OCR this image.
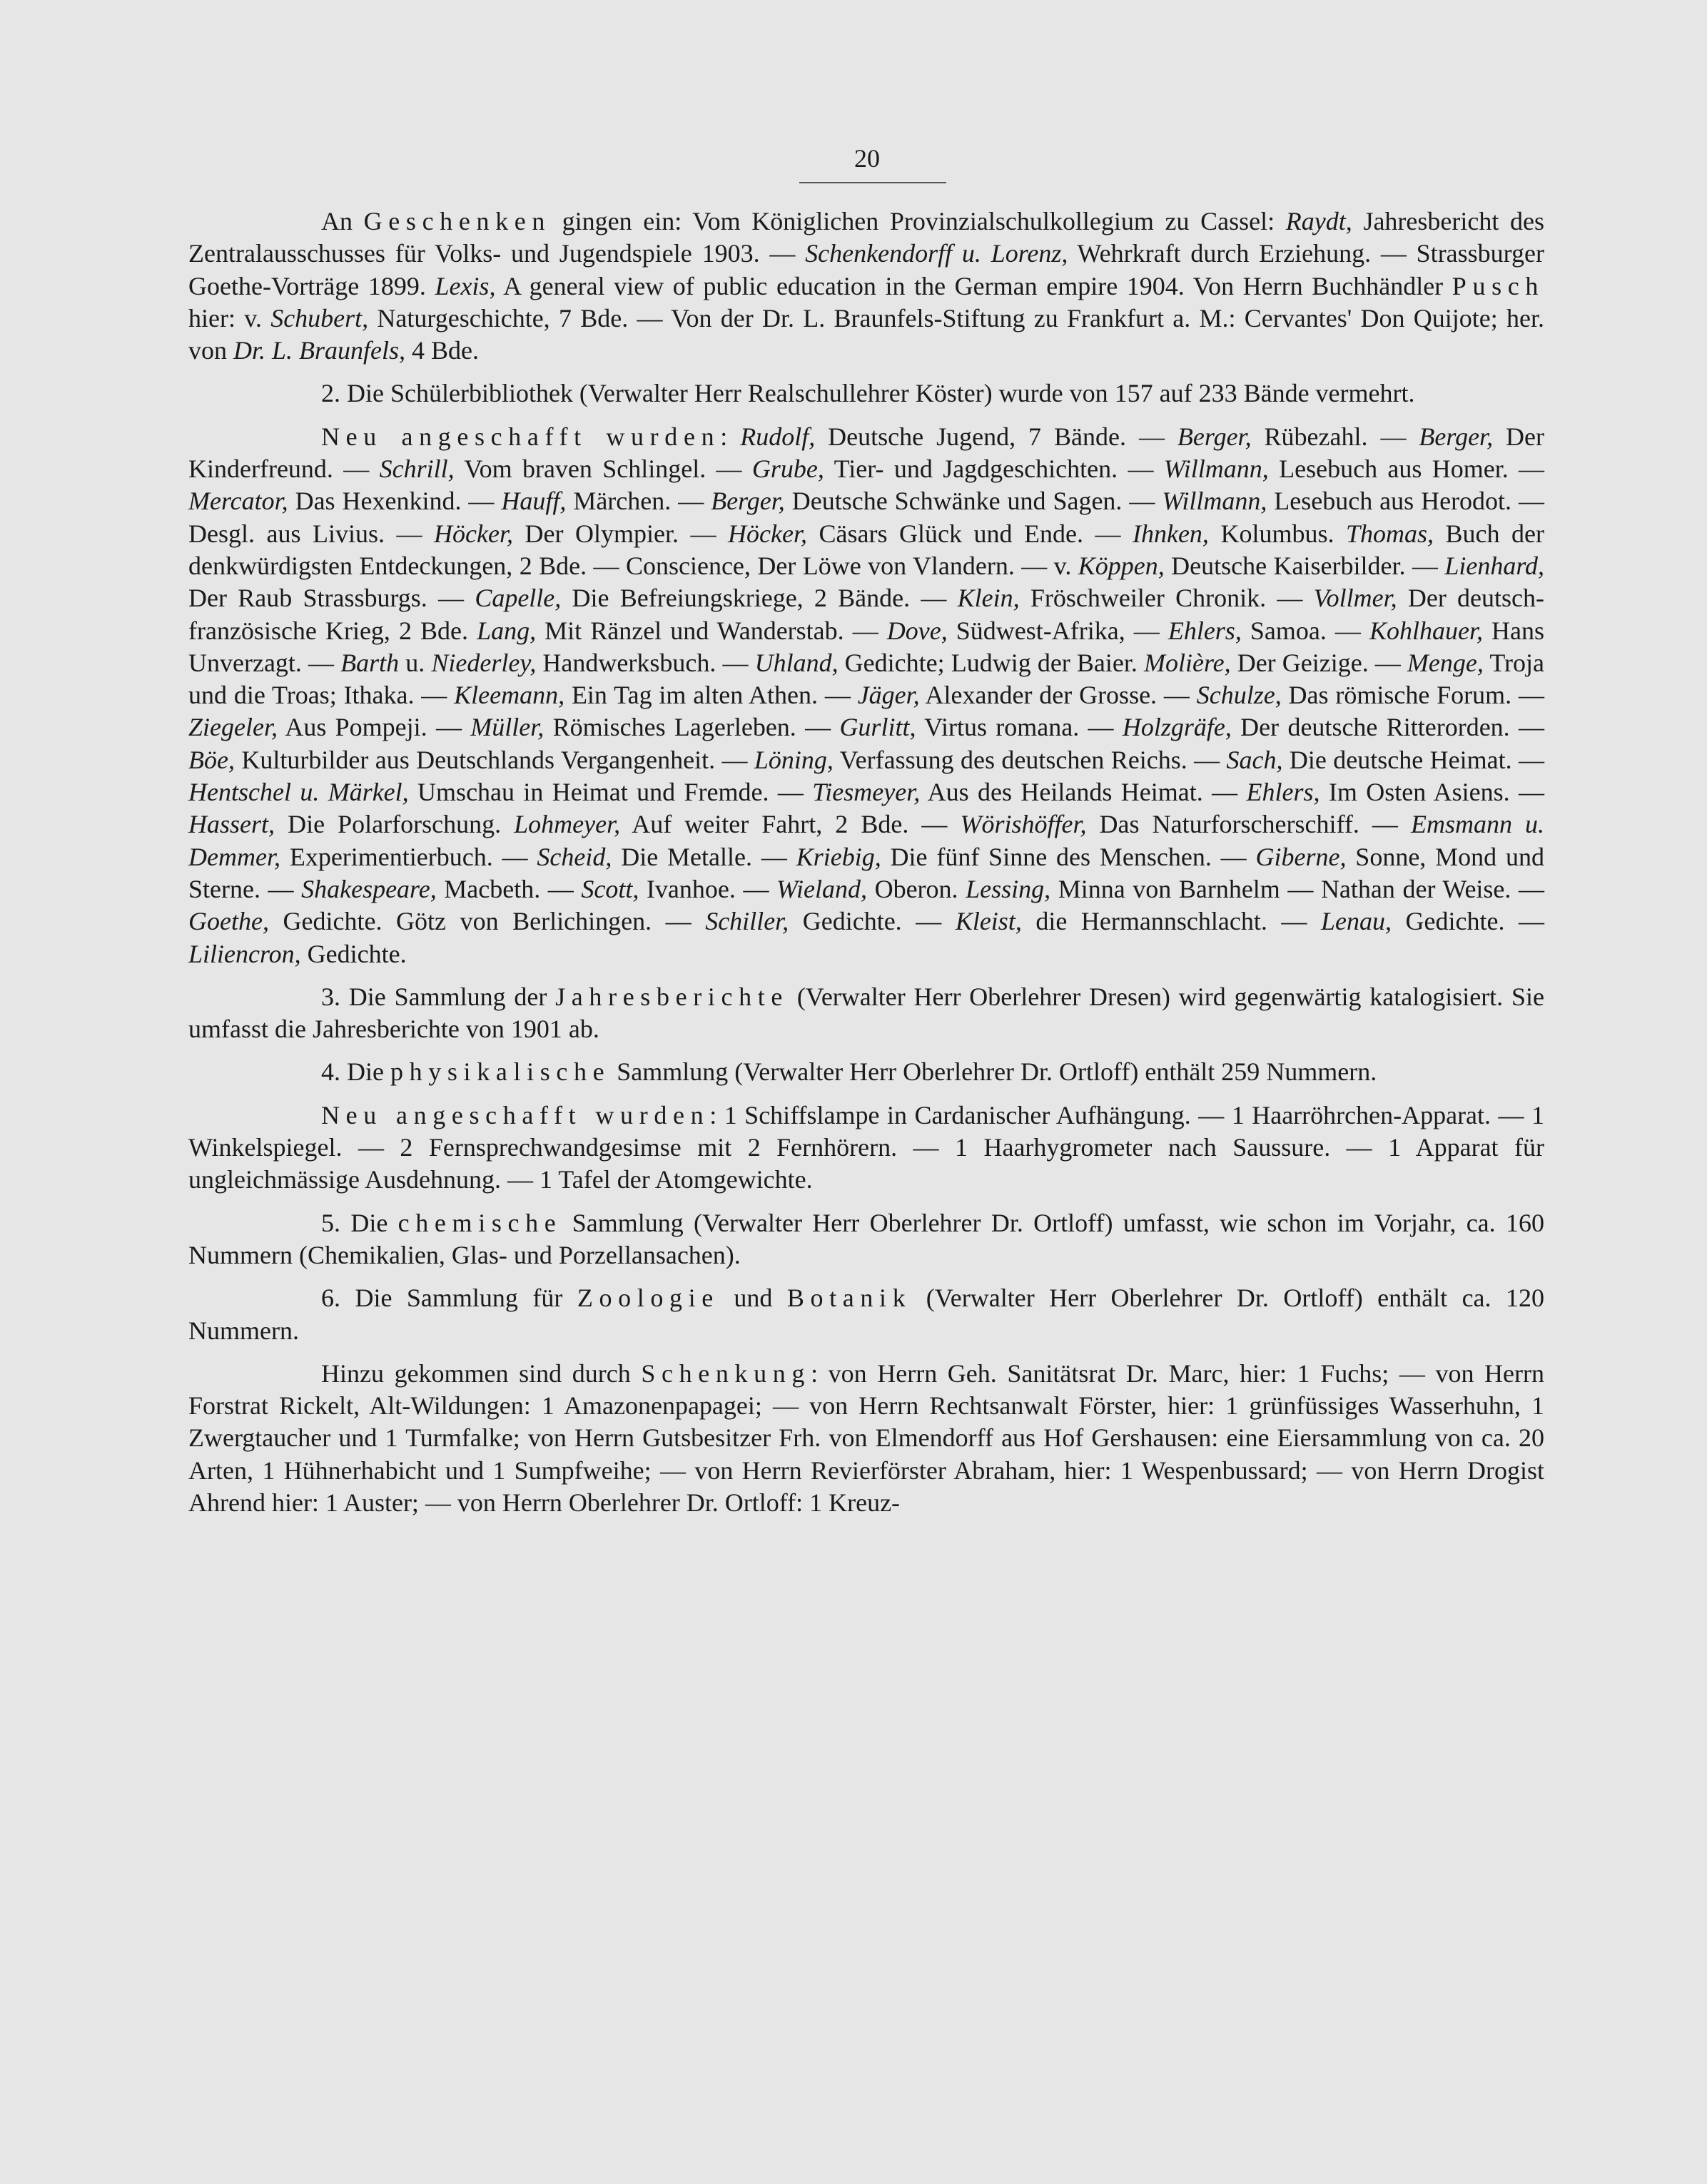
20

An Geschenken gingen ein: Vom Königlichen Provinzialschulkollegium zu Cassel: Raydt, Jahresbericht des Zentralausschusses für Volks- und Jugendspiele 1903. — Schenkendorff u. Lorenz, Wehrkraft durch Erziehung. — Strassburger Goethe-Vorträge 1899. Lexis, A general view of public education in the German empire 1904. Von Herrn Buchhändler Pusch hier: v. Schubert, Naturgeschichte, 7 Bde. — Von der Dr. L. Braunfels-Stiftung zu Frankfurt a. M.: Cervantes' Don Quijote; her. von Dr. L. Braunfels, 4 Bde.

2. Die Schülerbibliothek (Verwalter Herr Realschullehrer Köster) wurde von 157 auf 233 Bände vermehrt.

Neu angeschafft wurden: Rudolf, Deutsche Jugend, 7 Bände. — Berger, Rübezahl. — Berger, Der Kinderfreund. — Schrill, Vom braven Schlingel. — Grube, Tier- und Jagdgeschichten. — Willmann, Lesebuch aus Homer. — Mercator, Das Hexenkind. — Hauff, Märchen. — Berger, Deutsche Schwänke und Sagen. — Willmann, Lesebuch aus Herodot. — Desgl. aus Livius. — Höcker, Der Olympier. — Höcker, Cäsars Glück und Ende. — Ihnken, Kolumbus. Thomas, Buch der denkwürdigsten Entdeckungen, 2 Bde. — Conscience, Der Löwe von Vlandern. — v. Köppen, Deutsche Kaiserbilder. — Lienhard, Der Raub Strassburgs. — Capelle, Die Befreiungskriege, 2 Bände. — Klein, Fröschweiler Chronik. — Vollmer, Der deutsch-französische Krieg, 2 Bde. Lang, Mit Ränzel und Wanderstab. — Dove, Südwest-Afrika, — Ehlers, Samoa. — Kohlhauer, Hans Unverzagt. — Barth u. Niederley, Handwerksbuch. — Uhland, Gedichte; Ludwig der Baier. Molière, Der Geizige. — Menge, Troja und die Troas; Ithaka. — Kleemann, Ein Tag im alten Athen. — Jäger, Alexander der Grosse. — Schulze, Das römische Forum. — Ziegeler, Aus Pompeji. — Müller, Römisches Lagerleben. — Gurlitt, Virtus romana. — Holzgräfe, Der deutsche Ritterorden. — Böe, Kulturbilder aus Deutschlands Vergangenheit. — Löning, Verfassung des deutschen Reichs. — Sach, Die deutsche Heimat. — Hentschel u. Märkel, Umschau in Heimat und Fremde. — Tiesmeyer, Aus des Heilands Heimat. — Ehlers, Im Osten Asiens. — Hassert, Die Polarforschung. Lohmeyer, Auf weiter Fahrt, 2 Bde. — Wörishöffer, Das Naturforscherschiff. — Emsmann u. Demmer, Experimentierbuch. — Scheid, Die Metalle. — Kriebig, Die fünf Sinne des Menschen. — Giberne, Sonne, Mond und Sterne. — Shakespeare, Macbeth. — Scott, Ivanhoe. — Wieland, Oberon. Lessing, Minna von Barnhelm — Nathan der Weise. — Goethe, Gedichte. Götz von Berlichingen. — Schiller, Gedichte. — Kleist, die Hermannschlacht. — Lenau, Gedichte. — Liliencron, Gedichte.

3. Die Sammlung der Jahresberichte (Verwalter Herr Oberlehrer Dresen) wird gegenwärtig katalogisiert. Sie umfasst die Jahresberichte von 1901 ab.

4. Die physikalische Sammlung (Verwalter Herr Oberlehrer Dr. Ortloff) enthält 259 Nummern.

Neu angeschafft wurden: 1 Schiffslampe in Cardanischer Aufhängung. — 1 Haarröhrchen-Apparat. — 1 Winkelspiegel. — 2 Fernsprechwandgesimse mit 2 Fernhörern. — 1 Haarhygrometer nach Saussure. — 1 Apparat für ungleichmässige Ausdehnung. — 1 Tafel der Atomgewichte.

5. Die chemische Sammlung (Verwalter Herr Oberlehrer Dr. Ortloff) umfasst, wie schon im Vorjahr, ca. 160 Nummern (Chemikalien, Glas- und Porzellansachen).

6. Die Sammlung für Zoologie und Botanik (Verwalter Herr Oberlehrer Dr. Ortloff) enthält ca. 120 Nummern.

Hinzu gekommen sind durch Schenkung: von Herrn Geh. Sanitätsrat Dr. Marc, hier: 1 Fuchs; — von Herrn Forstrat Rickelt, Alt-Wildungen: 1 Amazonenpapagei; — von Herrn Rechtsanwalt Förster, hier: 1 grünfüssiges Wasserhuhn, 1 Zwergtaucher und 1 Turmfalke; von Herrn Gutsbesitzer Frh. von Elmendorff aus Hof Gershausen: eine Eiersammlung von ca. 20 Arten, 1 Hühnerhabicht und 1 Sumpfweihe; — von Herrn Revierförster Abraham, hier: 1 Wespenbussard; — von Herrn Drogist Ahrend hier: 1 Auster; — von Herrn Oberlehrer Dr. Ortloff: 1 Kreuz-
